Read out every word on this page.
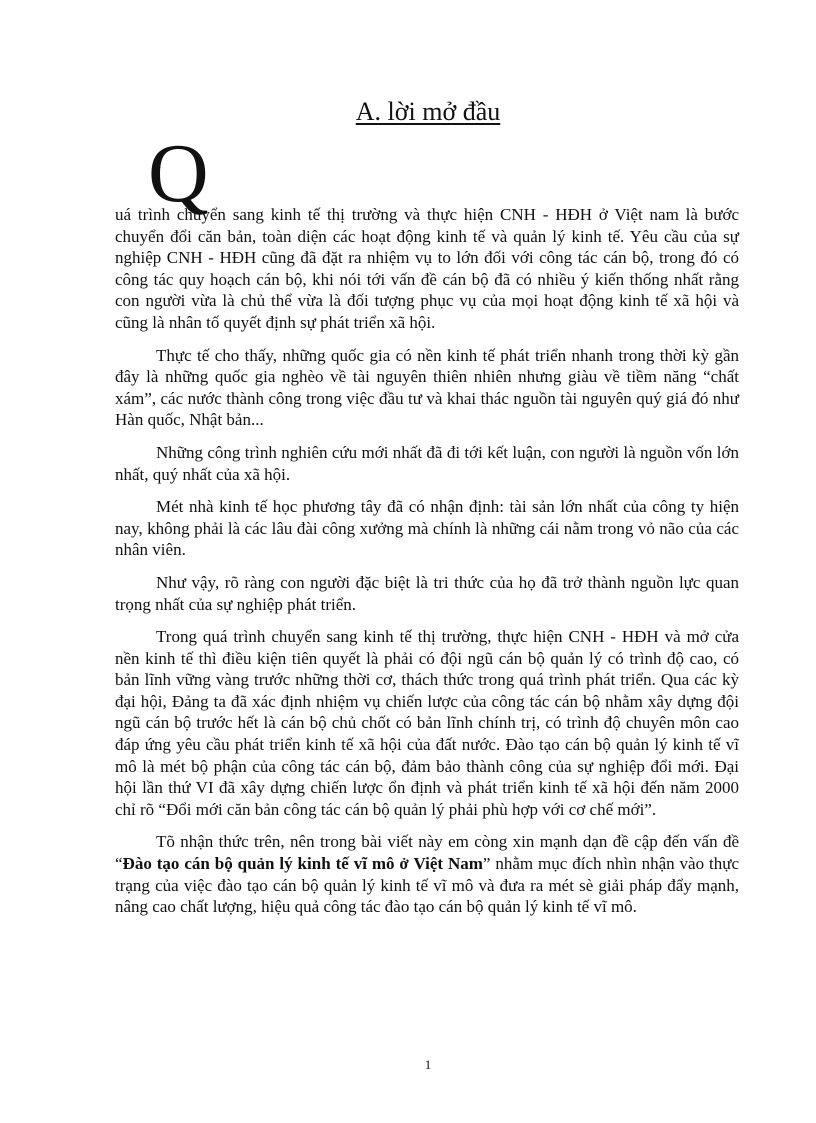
A. lời mở đầu
Q

uá trình chuyển sang kinh tế thị trường và thực hiện CNH - HĐH ở Việt nam là bước chuyển đổi căn bản, toàn diện các hoạt động kinh tế và quản lý kinh tế. Yêu cầu của sự nghiệp CNH - HĐH cũng đã đặt ra nhiệm vụ to lớn đối với công tác cán bộ, trong đó có công tác quy hoạch cán bộ, khi nói tới vấn đề cán bộ đã có nhiều ý kiến thống nhất rằng con người vừa là chủ thể vừa là đối tượng phục vụ của mọi hoạt động kinh tế xã hội và cũng là nhân tố quyết định sự phát triển xã hội.

Thực tế cho thấy, những quốc gia có nền kinh tế phát triển nhanh trong thời kỳ gần đây là những quốc gia nghèo về tài nguyên thiên nhiên nhưng giàu về tiềm năng “chất xám”, các nước thành công trong việc đầu tư và khai thác nguồn tài nguyên quý giá đó như Hàn quốc, Nhật bản...

Những công trình nghiên cứu mới nhất đã đi tới kết luận, con người là nguồn vốn lớn nhất, quý nhất của xã hội.

Mét nhà kinh tế học phương tây đã có nhận định: tài sản lớn nhất của công ty hiện nay, không phải là các lâu đài công xưởng mà chính là những cái nằm trong vỏ não của các nhân viên.

Như vậy, rõ ràng con người đặc biệt là tri thức của họ đã trở thành nguồn lực quan trọng nhất của sự nghiệp phát triển.

Trong quá trình chuyển sang kinh tế thị trường, thực hiện CNH - HĐH và mở cửa nền kinh tế thì điều kiện tiên quyết là phải có đội ngũ cán bộ quản lý có trình độ cao, có bản lĩnh vững vàng trước những thời cơ, thách thức trong quá trình phát triển. Qua các kỳ đại hội, Đảng ta đã xác định nhiệm vụ chiến lược của công tác cán bộ nhằm xây dựng đội ngũ cán bộ trước hết là cán bộ chủ chốt có bản lĩnh chính trị, có trình độ chuyên môn cao đáp ứng yêu cầu phát triển kinh tế xã hội của đất nước. Đào tạo cán bộ quản lý kinh tế vĩ mô là mét bộ phận của công tác cán bộ, đảm bảo thành công của sự nghiệp đổi mới. Đại hội lần thứ VI đã xây dựng chiến lược ổn định và phát triển kinh tế xã hội đến năm 2000 chỉ rõ “Đổi mới căn bản công tác cán bộ quản lý phải phù hợp với cơ chế mới”.

Tõ nhận thức trên, nên trong bài viết này em còng xin mạnh dạn đề cập đến vấn đề “Đào tạo cán bộ quản lý kinh tế vĩ mô ở Việt Nam” nhằm mục đích nhìn nhận vào thực trạng của việc đào tạo cán bộ quản lý kinh tế vĩ mô và đưa ra mét sè giải pháp đẩy mạnh, nâng cao chất lượng, hiệu quả công tác đào tạo cán bộ quản lý kinh tế vĩ mô.

1
